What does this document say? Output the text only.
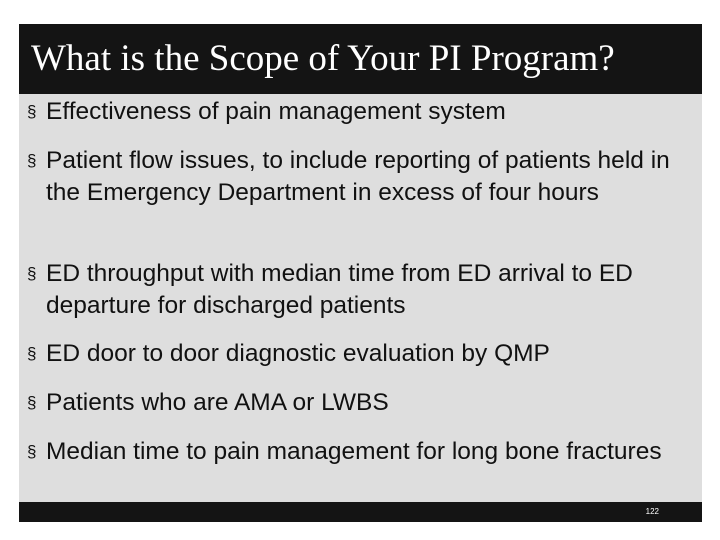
What is the Scope of Your PI Program?
§ Effectiveness of pain management system
§ Patient flow issues, to include reporting of patients held in the Emergency Department in excess of four hours
§ ED throughput with median time from ED arrival to ED departure for discharged patients
§ ED door to door diagnostic evaluation by QMP
§ Patients who are AMA or LWBS
§ Median time to pain management for long bone fractures
122
